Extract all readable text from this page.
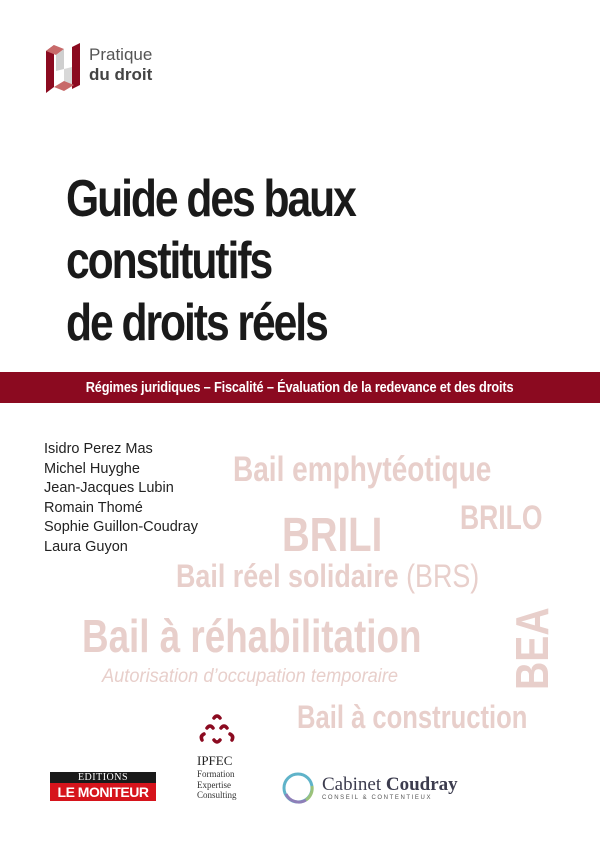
Pratique
du droit
Guide des baux
constitutifs
de droits réels
Régimes juridiques – Fiscalité – Évaluation de la redevance et des droits
Isidro Perez Mas
Michel Huyghe
Jean-Jacques Lubin
Romain Thomé
Sophie Guillon-Coudray
Laura Guyon
Bail emphytéotique
BRILI BRILO
Bail réel solidaire (BRS)
Bail à réhabilitation
Autorisation d’occupation temporaire
Bail à construction
BEA
EDITIONS
LE MONITEUR
IPFEC
Formation
Expertise
Consulting	Cabinet Coudray
CONSEIL & CONTENTIEUX
